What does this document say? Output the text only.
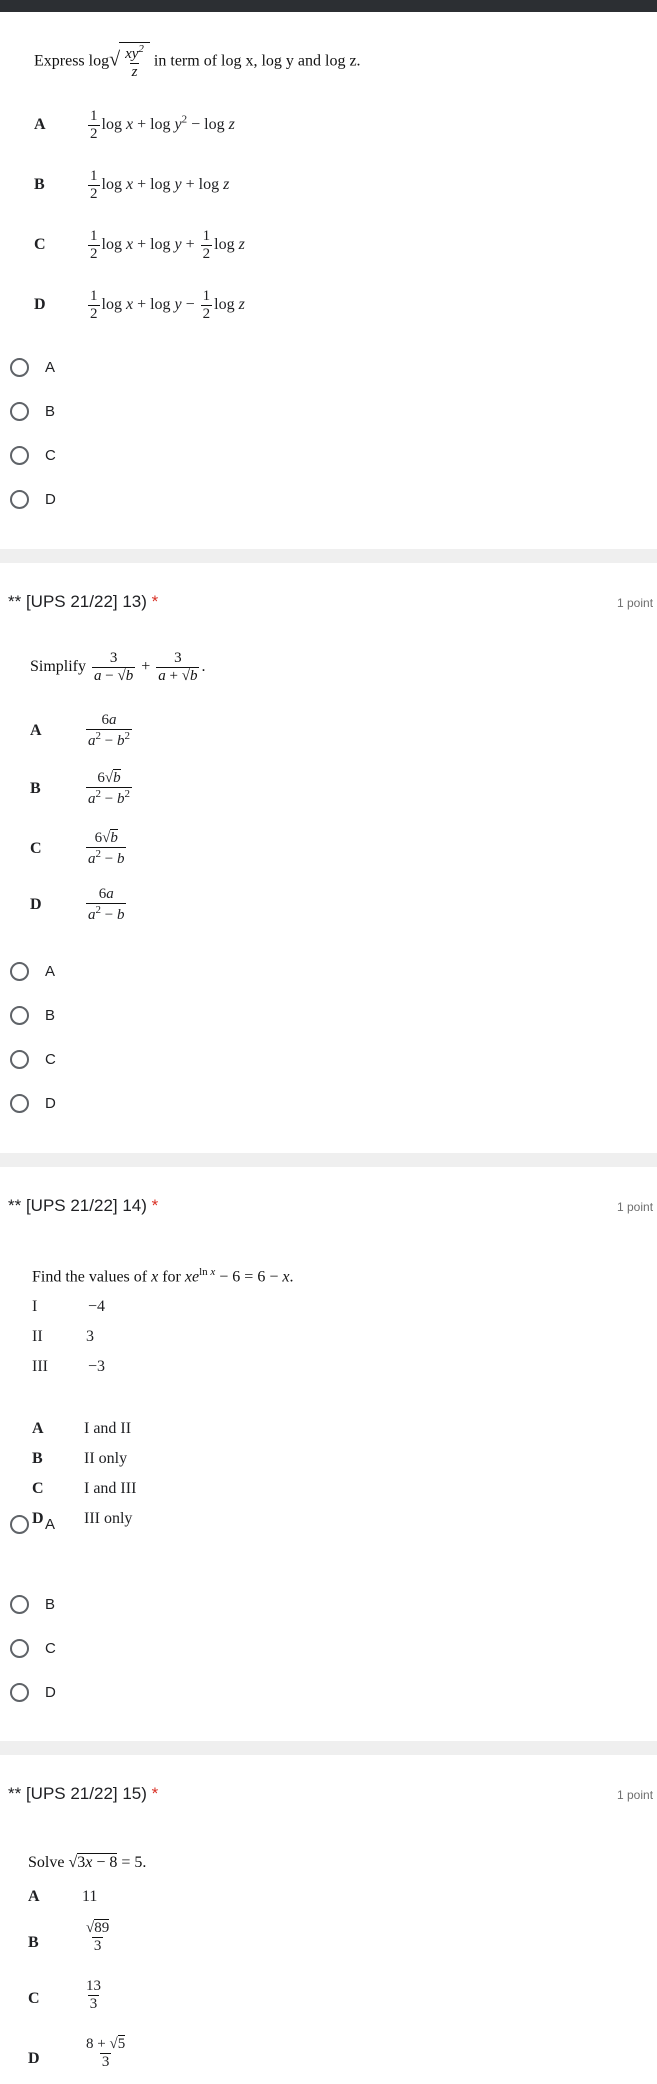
Express $\log√ \frac{xy^2}{z}$ in term of log x, log y and log z.
A	$\frac{1}{2}$ $\log x + \log y^2 - \log z$
B	$\frac{1}{2}$ log x + log y + log z
C	$\frac{1}{2}$ $\log x + \log y + \frac{1}{2}$ log z
D	$\frac{1}{2}$ $\log x + \log y - \frac{1}{2}$ log z
A
B
C
D
** [UPS 21/22] 13) *	1 point
Simplify $\frac{3}{a - √b} + \frac{3}{a + √b}$ .
A	$\frac{6a}{a^2 - b^2}$
B	$\frac{6√b}{a^2 - b^2}$
C	$\frac{6√b}{a^2 - b}$
D	$\frac{6a}{a^2 - b}$
A
B
C
D
** [UPS 21/22] 14) *	1 point
Find the values of x for $xe^{ln x} - 6 = 6 - x$.
I	−4
II	3
III	−3
A	I and II
B	II only
C	I and III
D	III only
A
B
C
D
** [UPS 21/22] 15) *	1 point
Solve √3x − 8 = 5.
A	11
B	$\frac{√89}{3}$
C	$\frac{13}{3}$
D	$\frac{8 + √5}{3}$
